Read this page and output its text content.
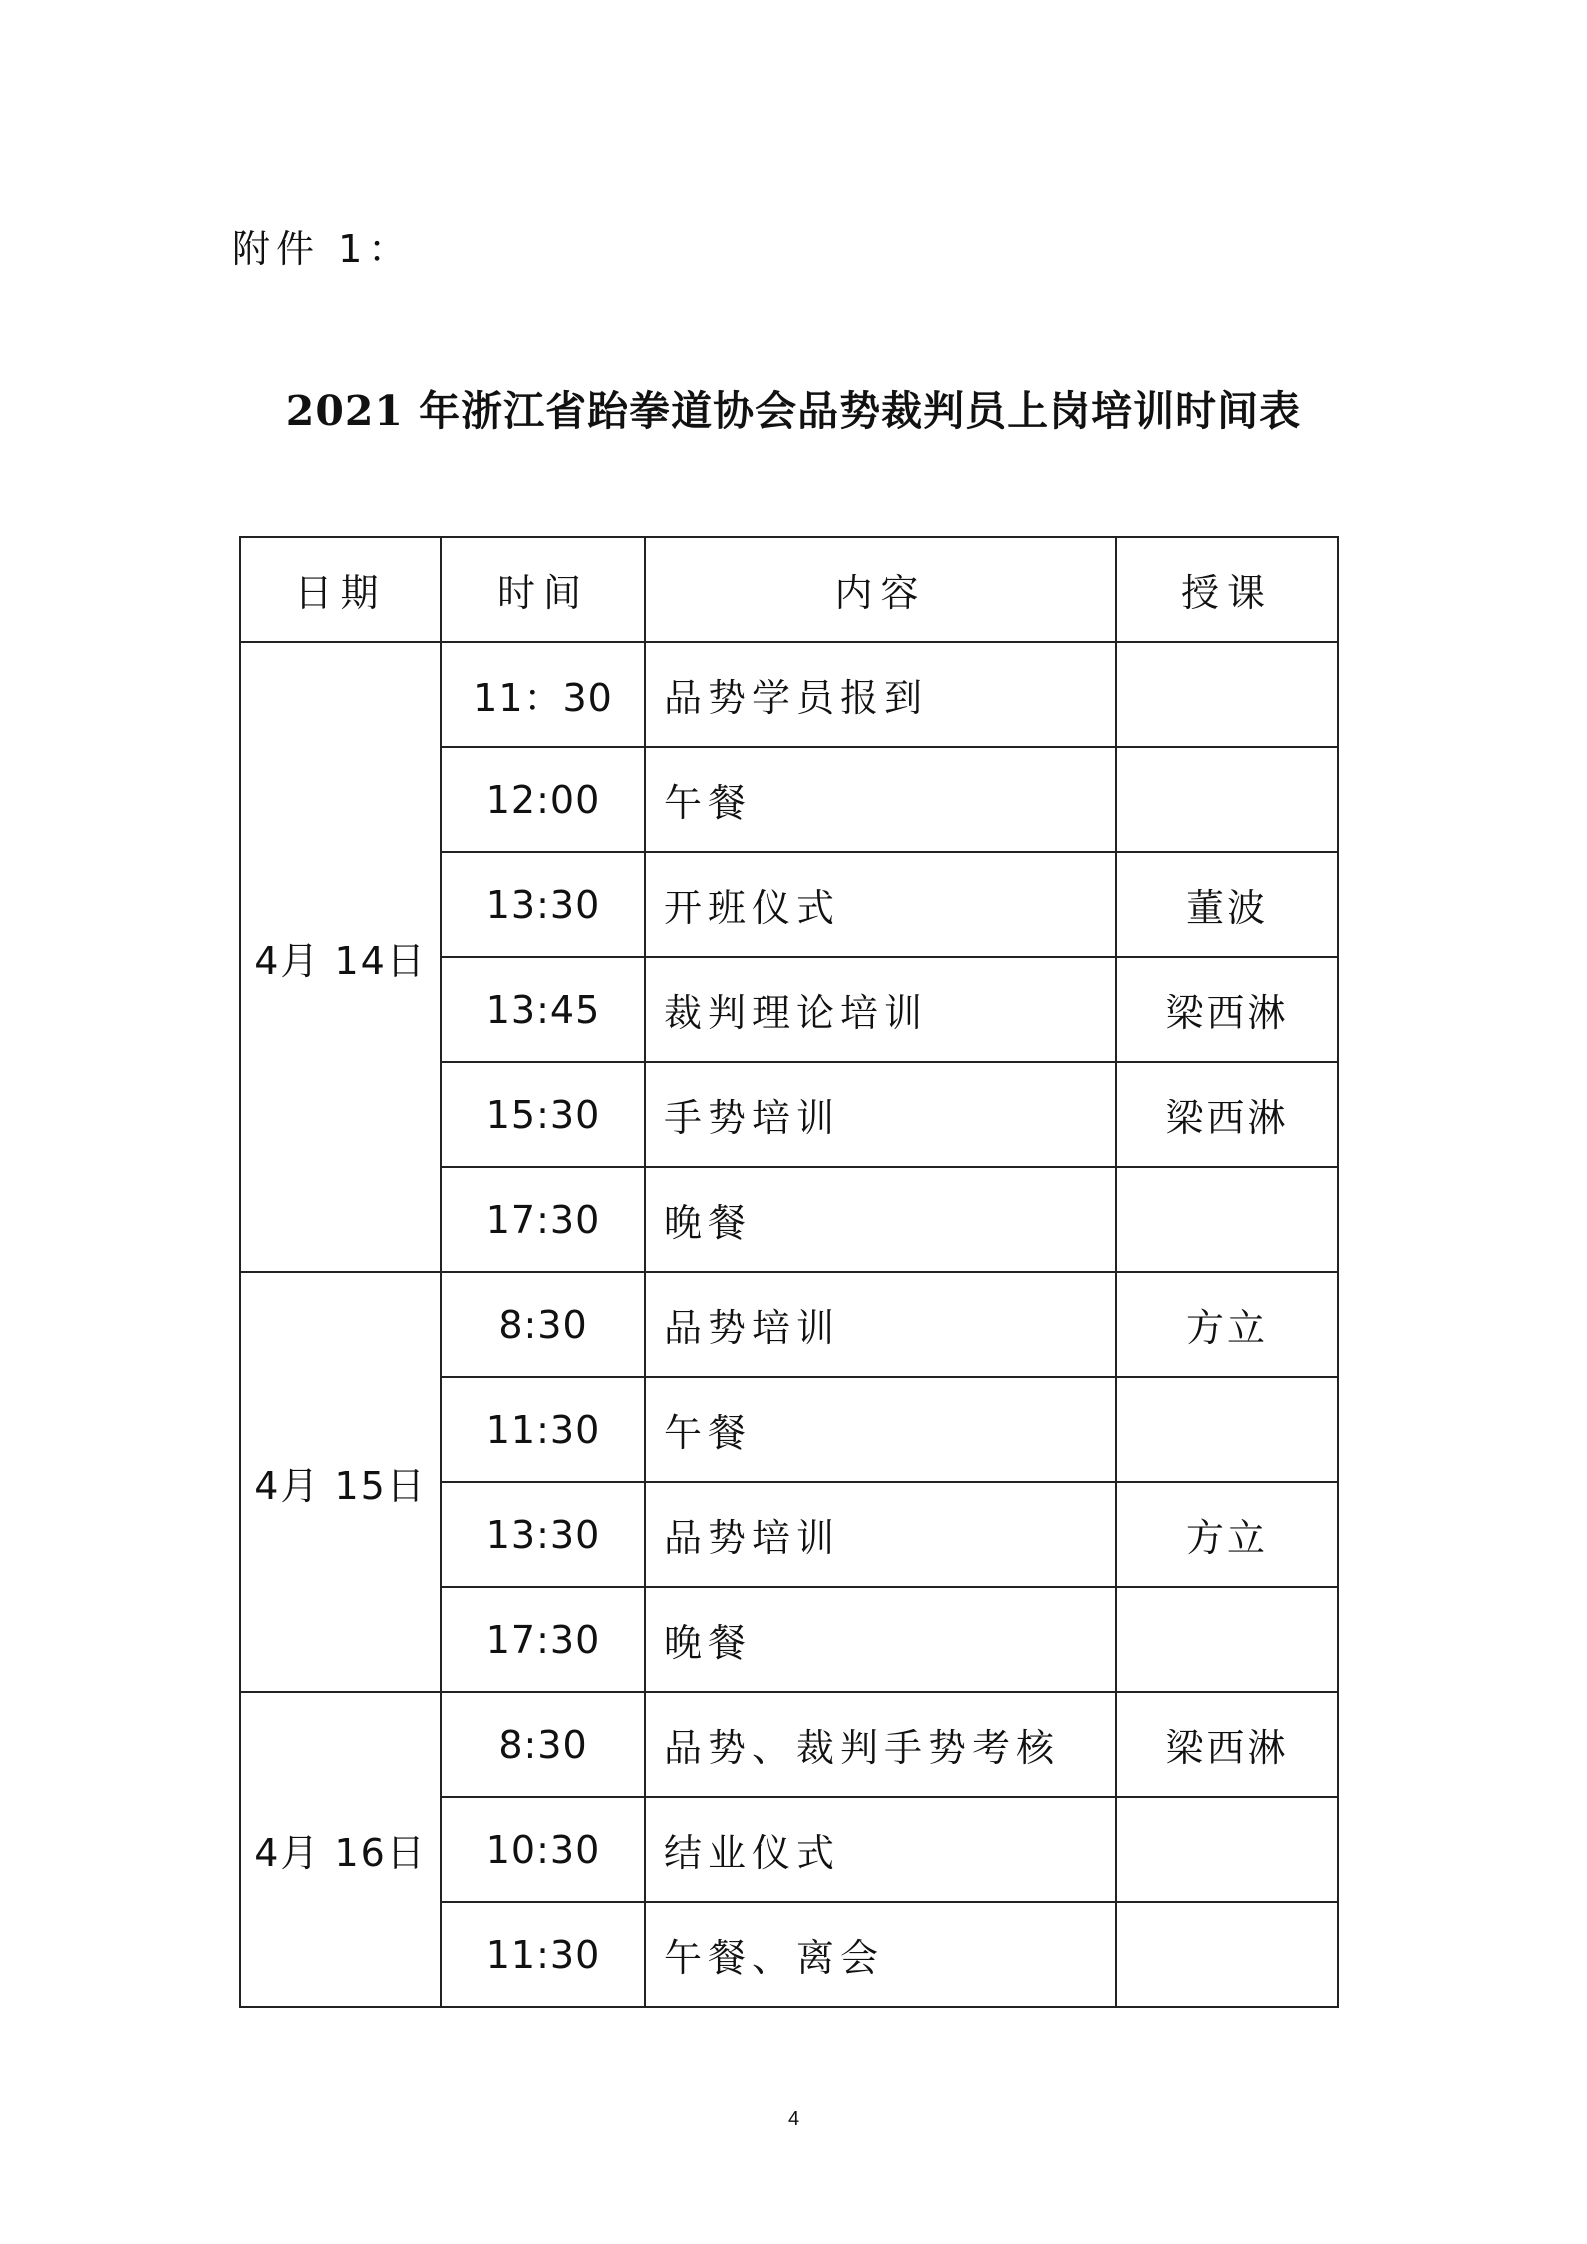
附件 1：
2021 年浙江省跆拳道协会品势裁判员上岗培训时间表
日期	时间	内容	授课
4月 14日	11：30	品势学员报到	
	12:00	午餐	
	13:30	开班仪式	董波
	13:45	裁判理论培训	梁西淋
	15:30	手势培训	梁西淋
	17:30	晚餐	
4月 15日	8:30	品势培训	方立
	11:30	午餐	
	13:30	品势培训	方立
	17:30	晚餐	
4月 16日	8:30	品势、裁判手势考核	梁西淋
	10:30	结业仪式	
	11:30	午餐、离会	
4
